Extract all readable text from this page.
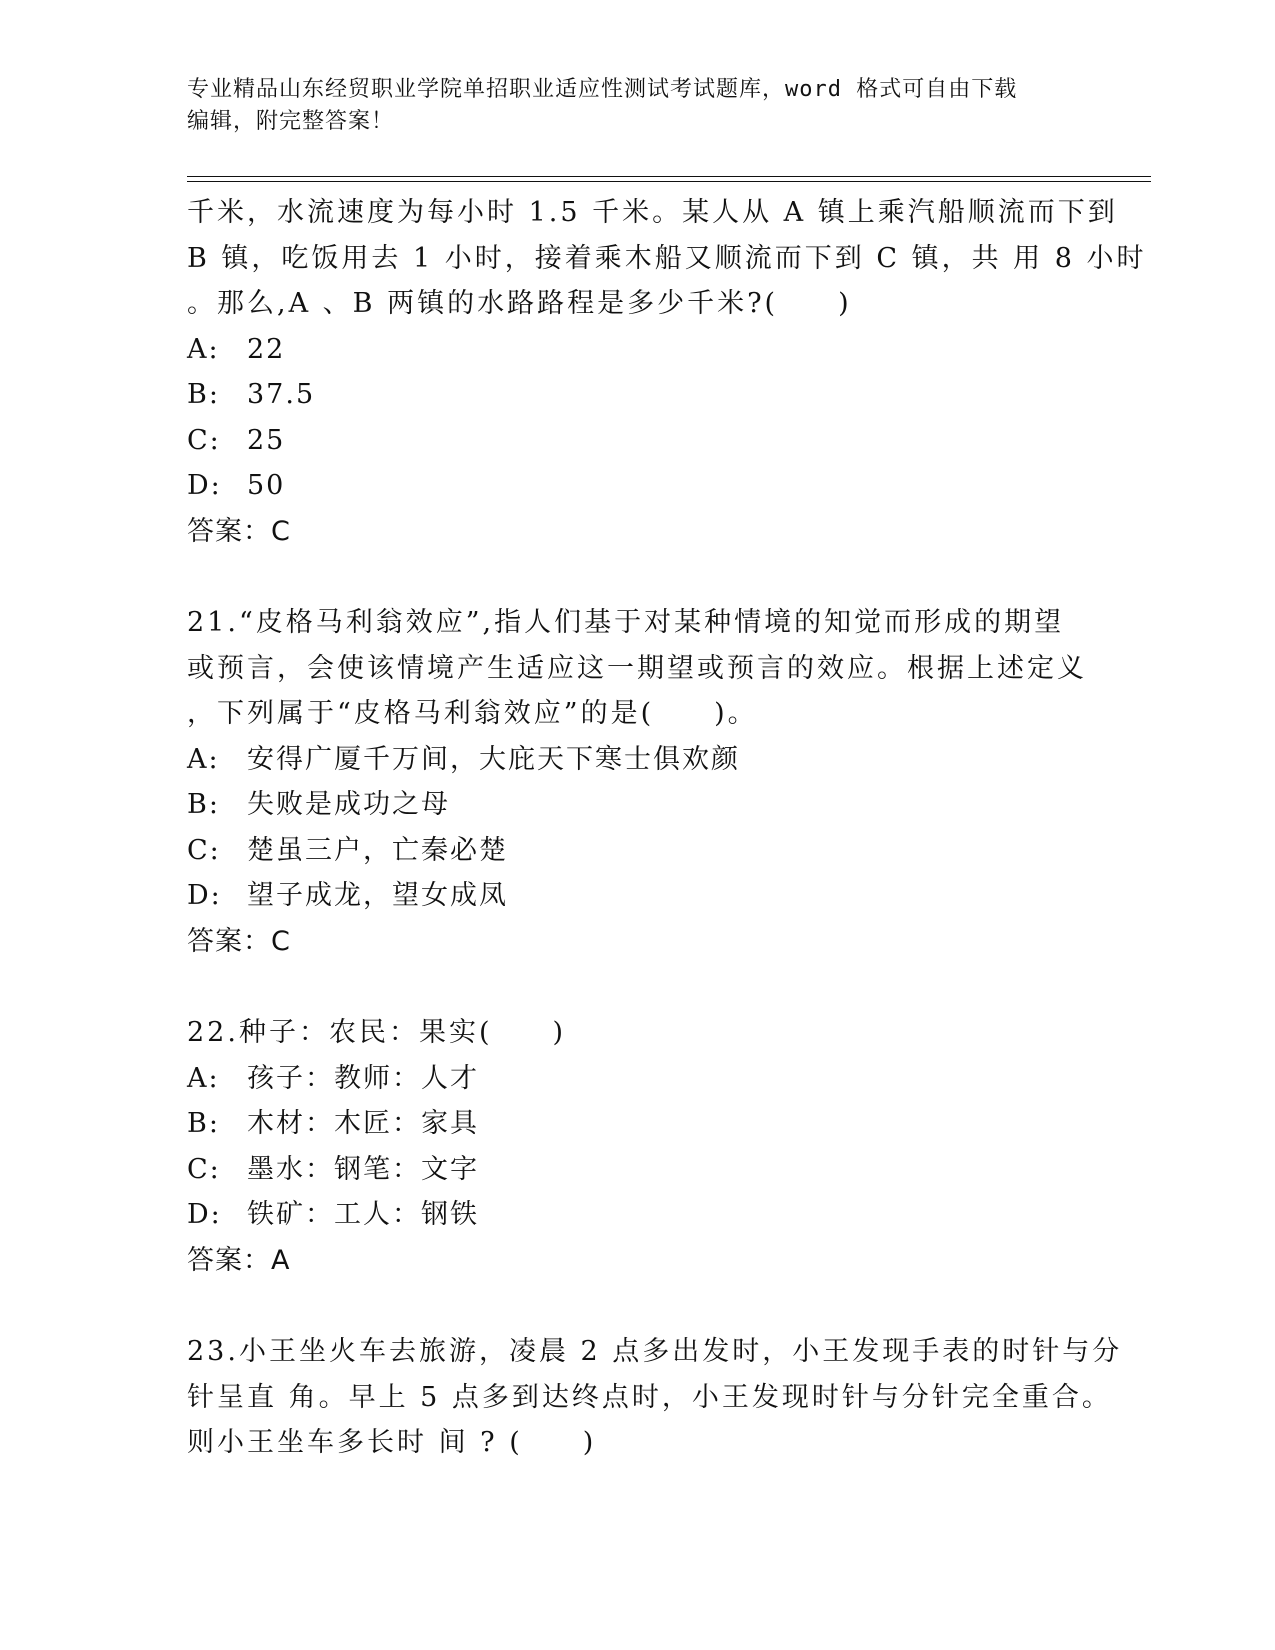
专业精品山东经贸职业学院单招职业适应性测试考试题库，word 格式可自由下载
编辑，附完整答案！
千米，水流速度为每小时 1.5 千米。某人从 A 镇上乘汽船顺流而下到
B 镇，吃饭用去 1 小时，接着乘木船又顺流而下到 C 镇，共 用 8 小时
。那么,A 、B 两镇的水路路程是多少千米?(　　)
A: 22
B: 37.5
C: 25
D: 50
答案：C
21.“皮格马利翁效应”,指人们基于对某种情境的知觉而形成的期望
或预言，会使该情境产生适应这一期望或预言的效应。根据上述定义
，下列属于“皮格马利翁效应”的是(　　)。
A: 安得广厦千万间，大庇天下寒士俱欢颜
B: 失败是成功之母
C: 楚虽三户，亡秦必楚
D: 望子成龙，望女成凤
答案：C
22.种子：农民：果实(　　)
A: 孩子：教师：人才
B: 木材：木匠：家具
C: 墨水：钢笔：文字
D: 铁矿：工人：钢铁
答案：A
23.小王坐火车去旅游，凌晨 2 点多出发时，小王发现手表的时针与分
针呈直 角。早上 5 点多到达终点时，小王发现时针与分针完全重合。
则小王坐车多长时 间 ? (　　)
